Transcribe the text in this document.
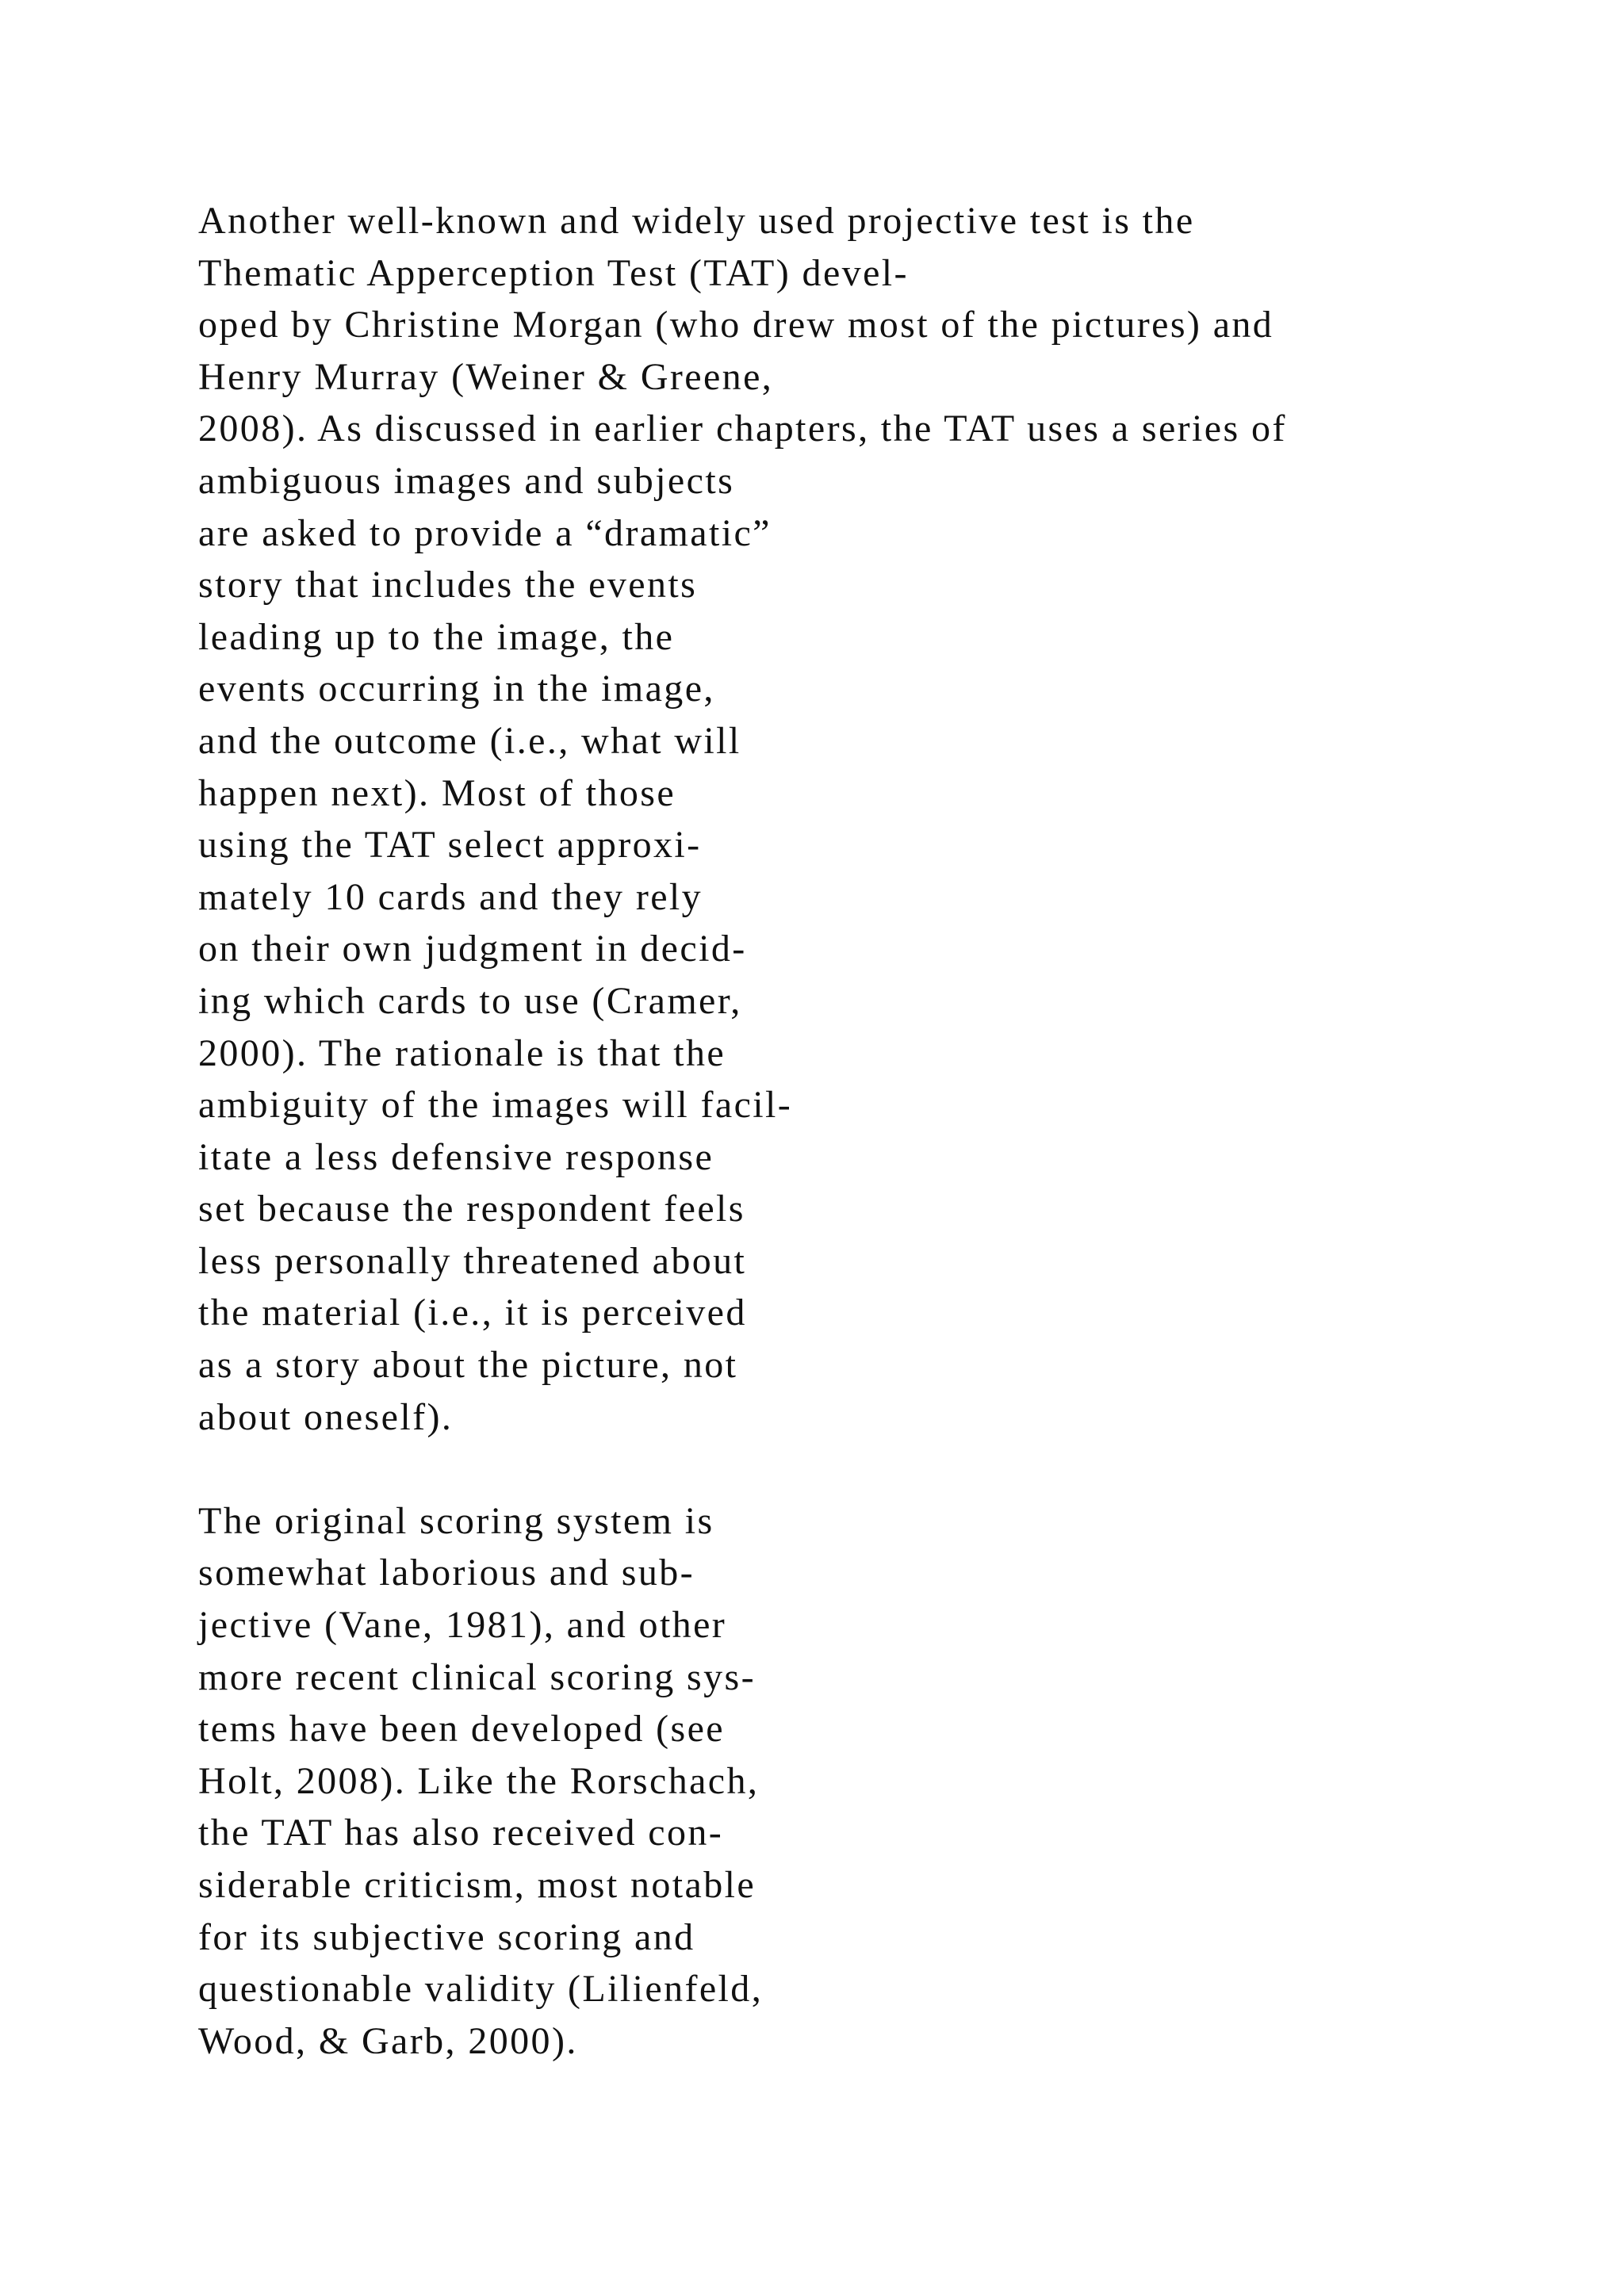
Another well-known and widely used projective test is the
Thematic Apperception Test (TAT) devel-
oped by Christine Morgan (who drew most of the pictures) and
Henry Murray (Weiner & Greene,
2008). As discussed in earlier chapters, the TAT uses a series of
ambiguous images and subjects
are asked to provide a “dramatic”
story that includes the events
leading up to the image, the
events occurring in the image,
and the outcome (i.e., what will
happen next). Most of those
using the TAT select approxi-
mately 10 cards and they rely
on their own judgment in decid-
ing which cards to use (Cramer,
2000). The rationale is that the
ambiguity of the images will facil-
itate a less defensive response
set because the respondent feels
less personally threatened about
the material (i.e., it is perceived
as a story about the picture, not
about oneself).

The original scoring system is
somewhat laborious and sub-
jective (Vane, 1981), and other
more recent clinical scoring sys-
tems have been developed (see
Holt, 2008). Like the Rorschach,
the TAT has also received con-
siderable criticism, most notable
for its subjective scoring and
questionable validity (Lilienfeld,
Wood, & Garb, 2000).
